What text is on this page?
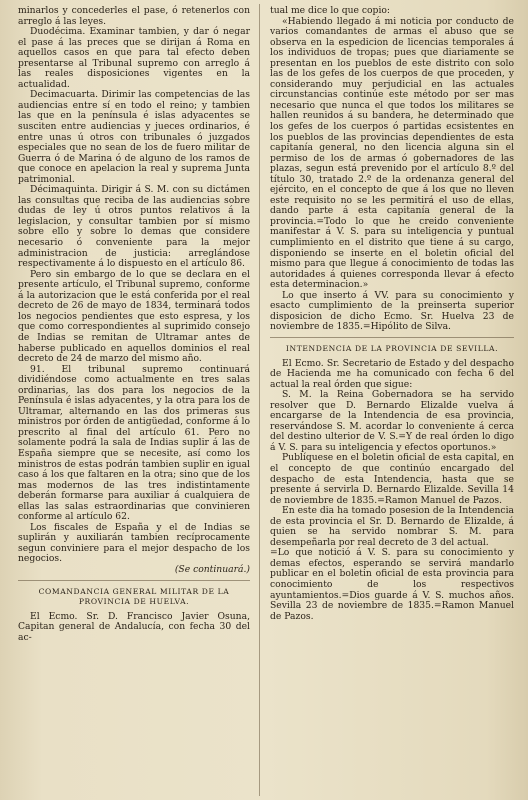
minarlos y concederles el pase, ó retenerlos con arreglo á las leyes.

Duodécima. Examinar tambien, y dar ó negar el pase á las preces que se dirijan á Roma en aquellos casos en que para tal efecto deben presentarse al Tribunal supremo con arreglo á las reales disposiciones vigentes en la actualidad.

Decimacuarta. Dirimir las competencias de las audiencias entre sí en todo el reino; y tambien las que en la península é islas adyacentes se susciten entre audiencias y jueces ordinarios, é entre unas ú otros con tribunales ó juzgados especiales que no sean de los de fuero militar de Guerra ó de Marina ó de alguno de los ramos de que conoce en apelacion la real y suprema Junta patrimonial.

Décimaquinta. Dirigir á S. M. con su dictámen las consultas que reciba de las audiencias sobre dudas de ley ú otros puntos relativos á la legislacion, y consultar tambien por sí mismo sobre ello y sobre lo demas que considere necesario ó conveniente para la mejor administracion de justicia: arreglándose respectivamente á lo dispuesto en el artículo 86.

Pero sin embargo de lo que se declara en el presente artículo, el Tribunal supremo, conforme á la autorizacion que le está conferida por el real decreto de 26 de mayo de 1834, terminará todos los negocios pendientes que esto espresa, y los que como correspondientes al suprimido consejo de Indias se remitan de Ultramar antes de haberse publicado en aquellos dominios el real decreto de 24 de marzo del mismo año.

91. El tribunal supremo continuará dividiéndose como actualmente en tres salas ordinarias, las dos para los negocios de la Península é islas adyacentes, y la otra para los de Ultramar, alternando en las dos primeras sus ministros por órden de antigüedad, conforme á lo prescrito al final del artículo 61. Pero no solamente podrá la sala de Indias suplir á las de España siempre que se necesite, así como los ministros de estas podrán tambien suplir en igual caso á los que faltaren en la otra; sino que de los mas modernos de las tres indistintamente deberán formarse para auxiliar á cualquiera de ellas las salas estraordinarias que convinieren conforme al artículo 62.

Los fiscales de España y el de Indias se suplirán y auxiliarán tambien recíprocamente segun conviniere para el mejor despacho de los negocios.

(Se continuará.)

COMANDANCIA GENERAL MILITAR DE LA PROVINCIA DE HUELVA.

El Ecmo. Sr. D. Francisco Javier Osuna, Capitan general de Andalucía, con fecha 30 del ac-

tual me dice lo que copio:

«Habiendo llegado á mi noticia por conducto de varios comandantes de armas el abuso que se observa en la espedicion de licencias temporales á los individuos de tropas; pues que diariamente se presentan en los pueblos de este distrito con solo las de los gefes de los cuerpos de que proceden, y considerando muy perjudicial en las actuales circunstancias continúe este método por ser mas necesario que nunca el que todos los militares se hallen reunidos á su bandera, he determinado que los gefes de los cuerpos ó partidas ecsistentes en los pueblos de las provincias dependientes de esta capitanía general, no den licencia alguna sin el permiso de los de armas ó gobernadores de las plazas, segun está prevenido por el artículo 8.º del título 30, tratado 2.º de la ordenanza general del ejército, en el concepto de que á los que no lleven este requisito no se les permitirá el uso de ellas, dando parte á esta capitanía general de la provincia.=Todo lo que he creido conveniente manifestar á V. S. para su inteligencia y puntual cumplimiento en el distrito que tiene á su cargo, disponiendo se inserte en el boletin oficial del mismo para que llegue á conocimiento de todas las autoridades á quienes corresponda llevar á efecto esta determinacion.»

Lo que inserto á VV. para su conocimiento y esacto cumplimiento de la preinserta superior disposicion de dicho Ecmo. Sr. Huelva 23 de noviembre de 1835.=Hipólito de Silva.

INTENDENCIA DE LA PROVINCIA DE SEVILLA.

El Ecmo. Sr. Secretario de Estado y del despacho de Hacienda me ha comunicado con fecha 6 del actual la real órden que sigue:

S. M. la Reina Gobernadora se ha servido resolver que D. Bernardo Elizalde vuelva á encargarse de la Intendencia de esa provincia, reservándose S. M. acordar lo conveniente á cerca del destino ulterior de V. S.=Y de real órden lo digo á V. S. para su inteligencia y efectos oportunos.»

Publíquese en el boletin oficial de esta capital, en el concepto de que continúo encargado del despacho de esta Intendencia, hasta que se presente á servirla D. Bernardo Elizalde. Sevilla 14 de noviembre de 1835.=Ramon Manuel de Pazos.

En este dia ha tomado posesion de la Intendencia de esta provincia el Sr. D. Bernardo de Elizalde, á quien se ha servido nombrar S. M. para desempeñarla por real decreto de 3 del actual.

=Lo que notició á V. S. para su conocimiento y demas efectos, esperando se servirá mandarlo publicar en el boletin oficial de esta provincia para conocimiento de los respectivos ayuntamientos.=Dios guarde á V. S. muchos años. Sevilla 23 de noviembre de 1835.=Ramon Manuel de Pazos.
